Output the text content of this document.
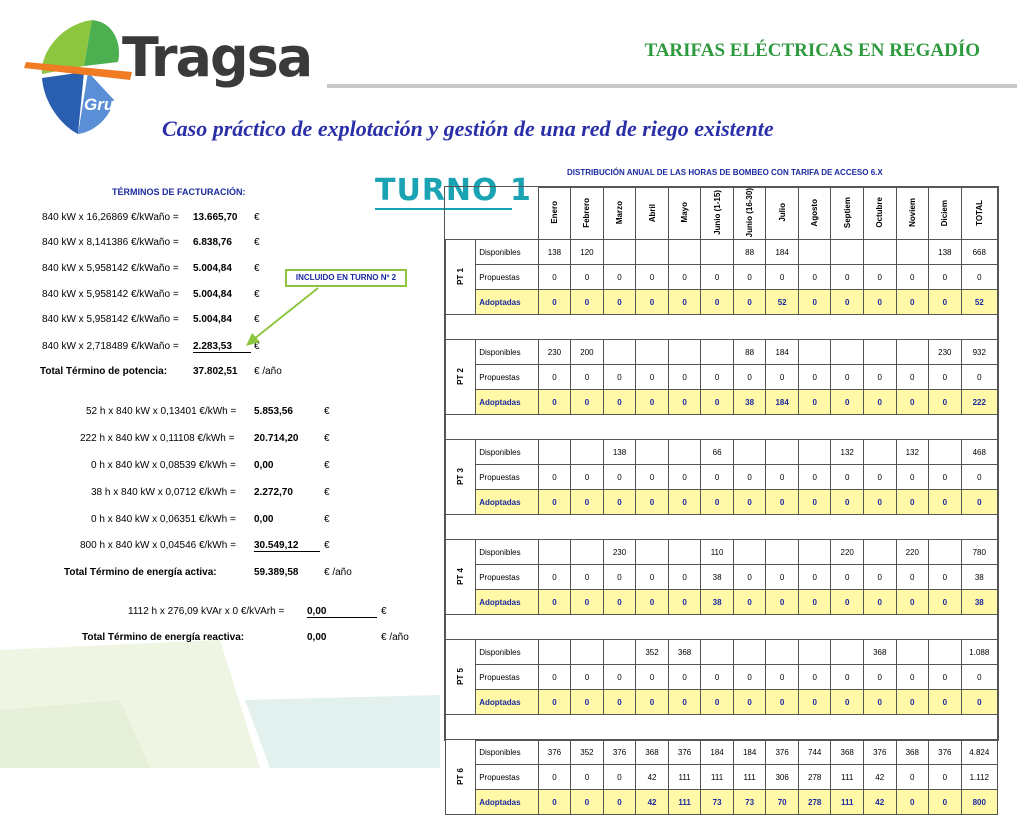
Tragsa
Grupo
TARIFAS ELÉCTRICAS EN REGADÍO
Caso práctico de explotación y gestión de una red de riego existente
TÉRMINOS DE FACTURACIÓN:
840 kW x 16,26869 €/kWaño = 13.665,70 €
840 kW x 8,141386 €/kWaño = 6.838,76 €
840 kW x 5,958142 €/kWaño = 5.004,84 €
840 kW x 5,958142 €/kWaño = 5.004,84 €
840 kW x 5,958142 €/kWaño = 5.004,84 €
840 kW x 2,718489 €/kWaño = 2.283,53	€
Total Término de potencia:	37.802,51 € /año
INCLUIDO EN TURNO Nº 2
52 h x 840 kW x 0,13401 €/kWh = 5.853,56	€
222 h x 840 kW x 0,11108 €/kWh = 20.714,20	€
0 h x 840 kW x 0,08539 €/kWh = 0,00	€
38 h x 840 kW x 0,0712 €/kWh = 2.272,70	€
0 h x 840 kW x 0,06351 €/kWh = 0,00	€
800 h x 840 kW x 0,04546 €/kWh = 30.549,12	€
Total Término de energía activa:	59.389,58	€ /año
1112 h x 276,09 kVAr x 0 €/kVArh = 0,00	€
Total Término de energía reactiva:	0,00	€ /año
TURNO 1
DISTRIBUCIÓN ANUAL DE LAS HORAS DE BOMBEO CON TARIFA DE ACCESO 6.X
		Enero	Febrero	Marzo	Abril	Mayo	Junio (1-15)	Junio (16-30)	Julio	Agosto	Septiem	Octubre	Noviem	Diciem	TOTAL
PT 1	Disponibles	138	120					88	184					138	668
	Propuestas	0	0	0	0	0	0	0	0	0	0	0	0	0	0
	Adoptadas	0	0	0	0	0	0	0	52	0	0	0	0	0	52

PT 2	Disponibles	230	200					88	184					230	932
	Propuestas	0	0	0	0	0	0	0	0	0	0	0	0	0	0
	Adoptadas	0	0	0	0	0	0	38	184	0	0	0	0	0	222

PT 3	Disponibles			138			66				132		132		468
	Propuestas	0	0	0	0	0	0	0	0	0	0	0	0	0	0
	Adoptadas	0	0	0	0	0	0	0	0	0	0	0	0	0	0

PT 4	Disponibles			230			110				220		220		780
	Propuestas	0	0	0	0	0	38	0	0	0	0	0	0	0	38
	Adoptadas	0	0	0	0	0	38	0	0	0	0	0	0	0	38

PT 5	Disponibles				352	368						368			1.088
	Propuestas	0	0	0	0	0	0	0	0	0	0	0	0	0	0
	Adoptadas	0	0	0	0	0	0	0	0	0	0	0	0	0	0

PT 6	Disponibles	376	352	376	368	376	184	184	376	744	368	376	368	376	4.824
	Propuestas	0	0	0	42	111	111	111	306	278	111	42	0	0	1.112
	Adoptadas	0	0	0	42	111	73	73	70	278	111	42	0	0	800
